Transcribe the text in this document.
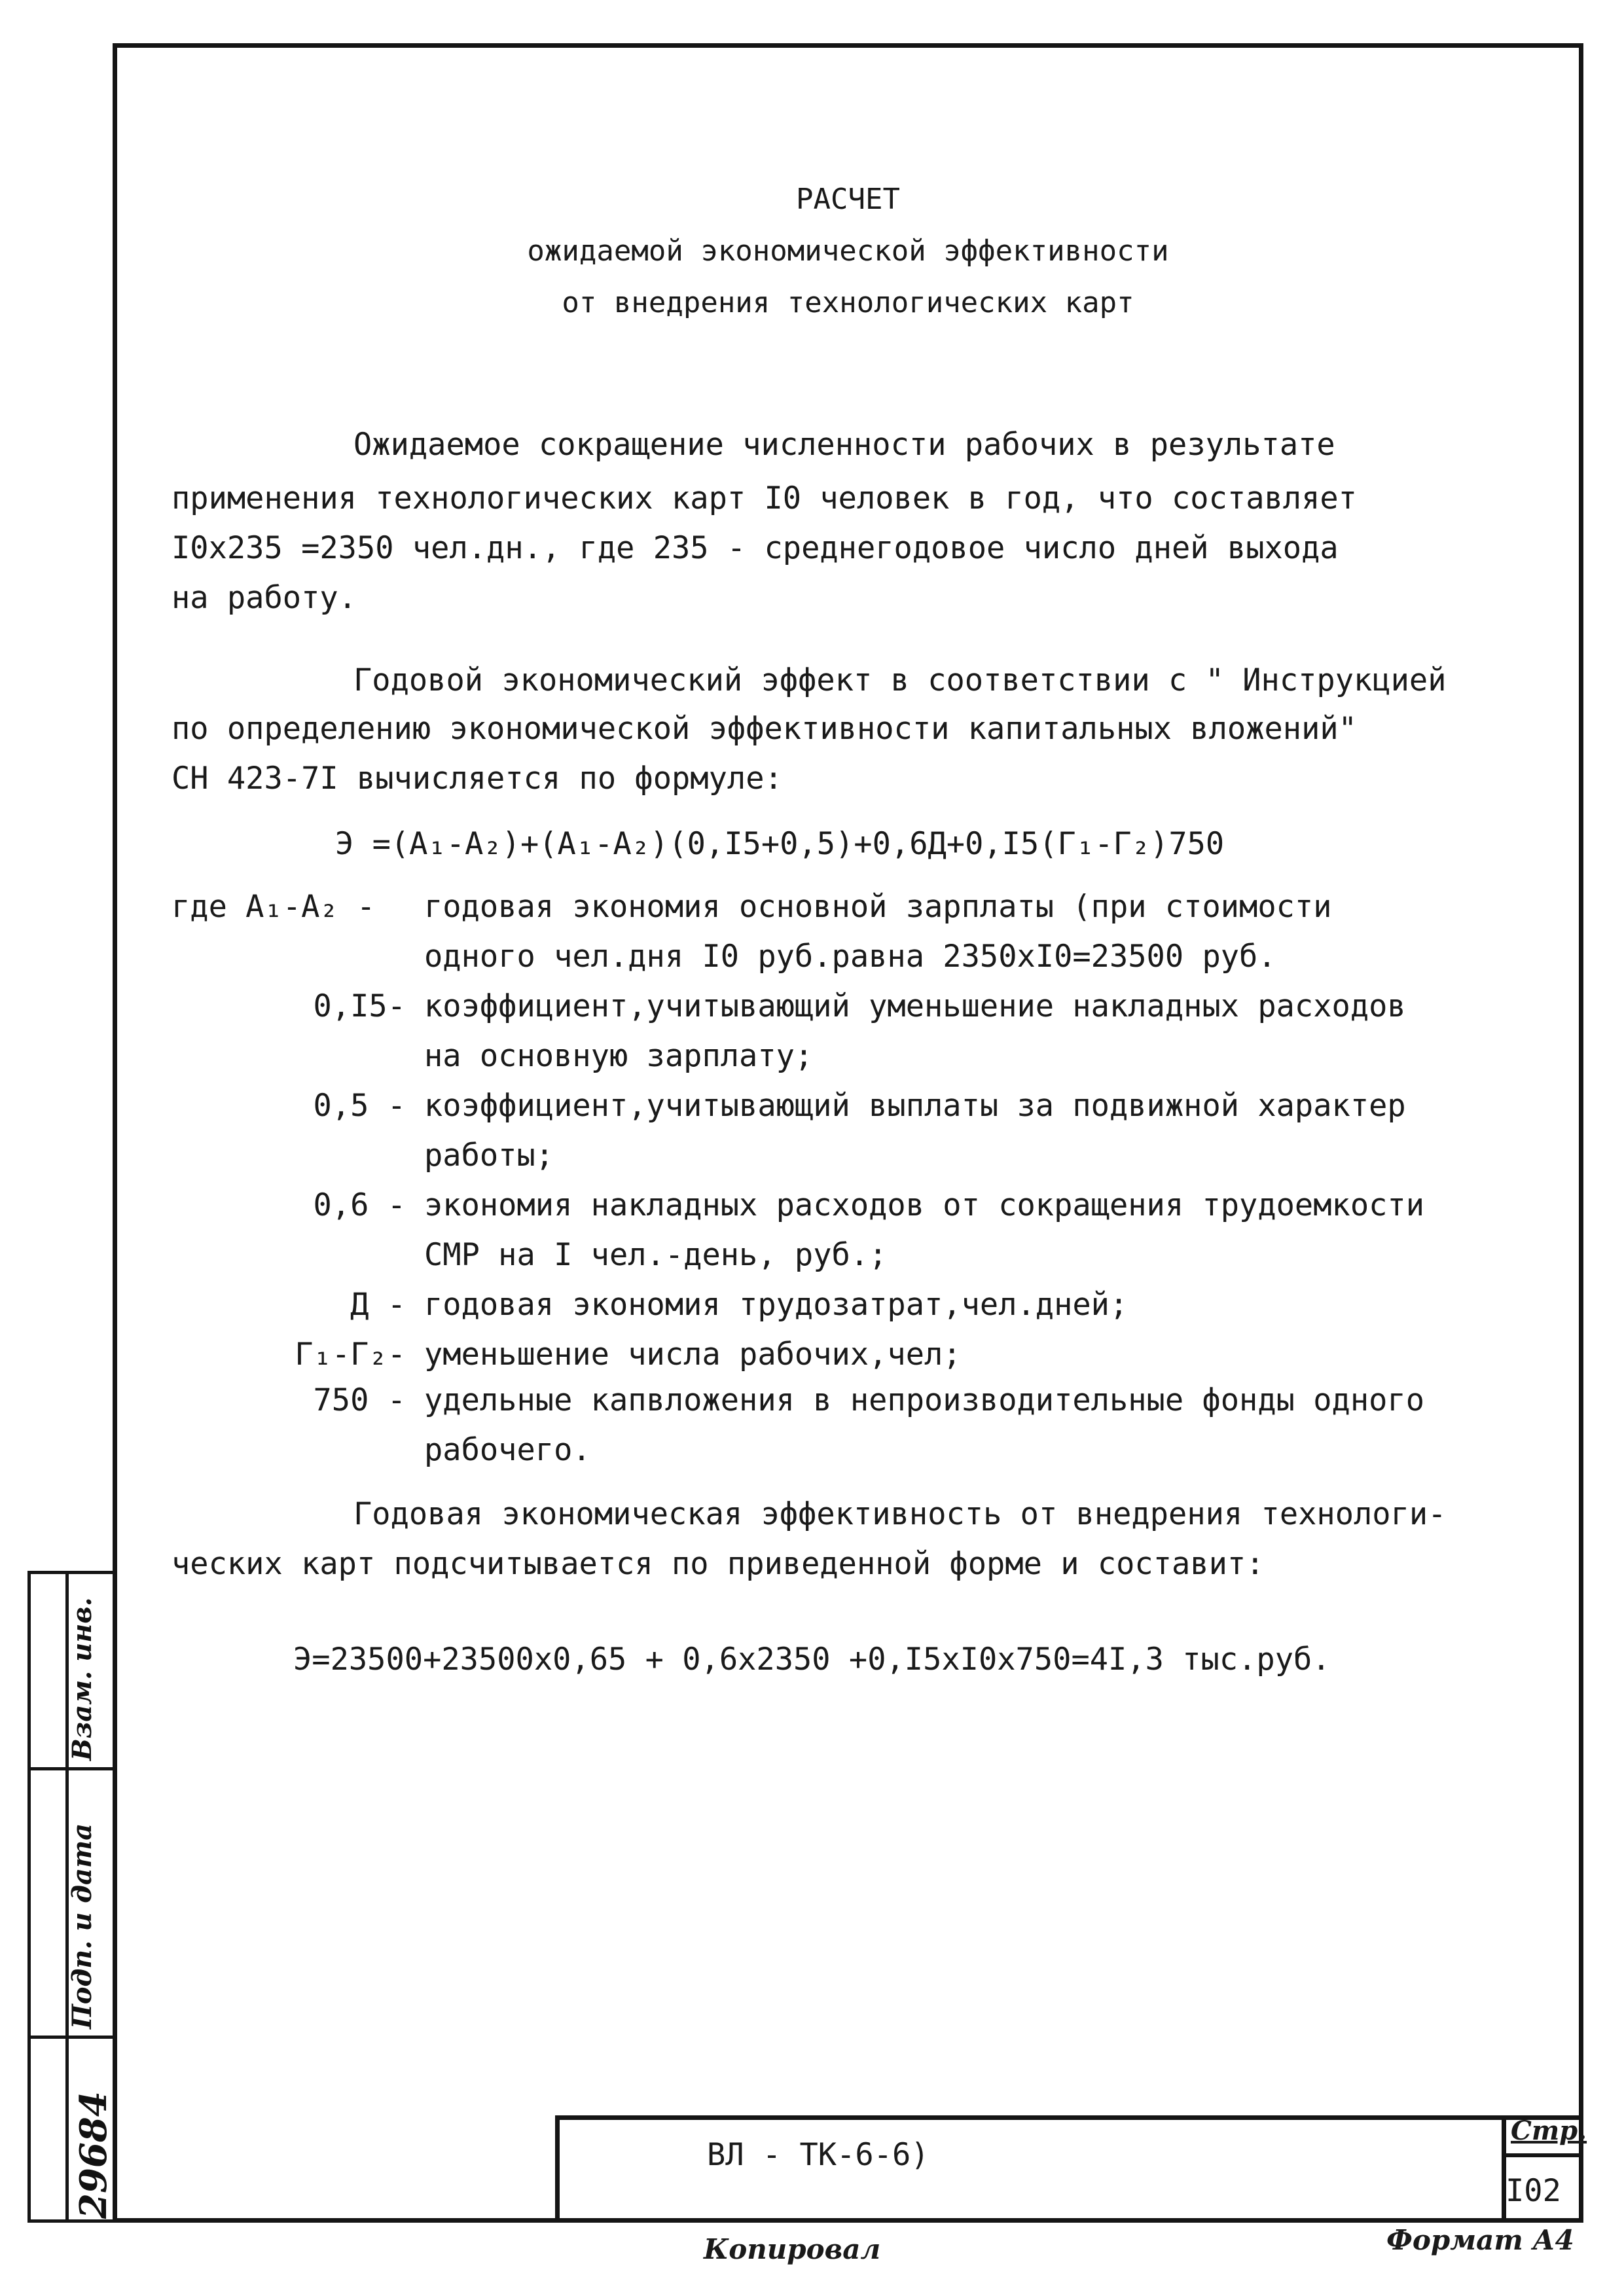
РАСЧЕТ
ожидаемой экономической эффективности
от внедрения технологических карт
Ожидаемое сокращение численности рабочих в результате
применения технологических карт I0 человек в год, что составляет
I0x235 =2350 чел.дн., где 235 - среднегодовое число дней выхода
на работу.
Годовой экономический эффект в соответствии с " Инструкцией
по определению экономической эффективности капитальных вложений"
СН 423-7I вычисляется по формуле:
Э =(А₁-А₂)+(А₁-А₂)(0,I5+0,5)+0,6Д+0,I5(Г₁-Г₂)750
где А₁-А₂ - годовая экономия основной зарплаты (при стоимости
одного чел.дня I0 руб.равна 2350xI0=23500 руб.
0,I5- коэффициент,учитывающий уменьшение накладных расходов
на основную зарплату;
0,5 - коэффициент,учитывающий выплаты за подвижной характер
работы;
0,6 - экономия накладных расходов от сокращения трудоемкости
СМР на I чел.-день, руб.;
Д - годовая экономия трудозатрат,чел.дней;
Г₁-Г₂- уменьшение числа рабочих,чел;
750 - удельные капвложения в непроизводительные фонды одного
рабочего.
Годовая экономическая эффективность от внедрения технологи-
ческих карт подсчитывается по приведенной форме и составит:
Э=23500+23500x0,65 + 0,6x2350 +0,I5xI0x750=4I,3 тыс.руб.
Взам. инв.
Подп. и дата
29684	ВЛ - ТК-6-6)
Стр.
I02
Копировал	Формат А4
